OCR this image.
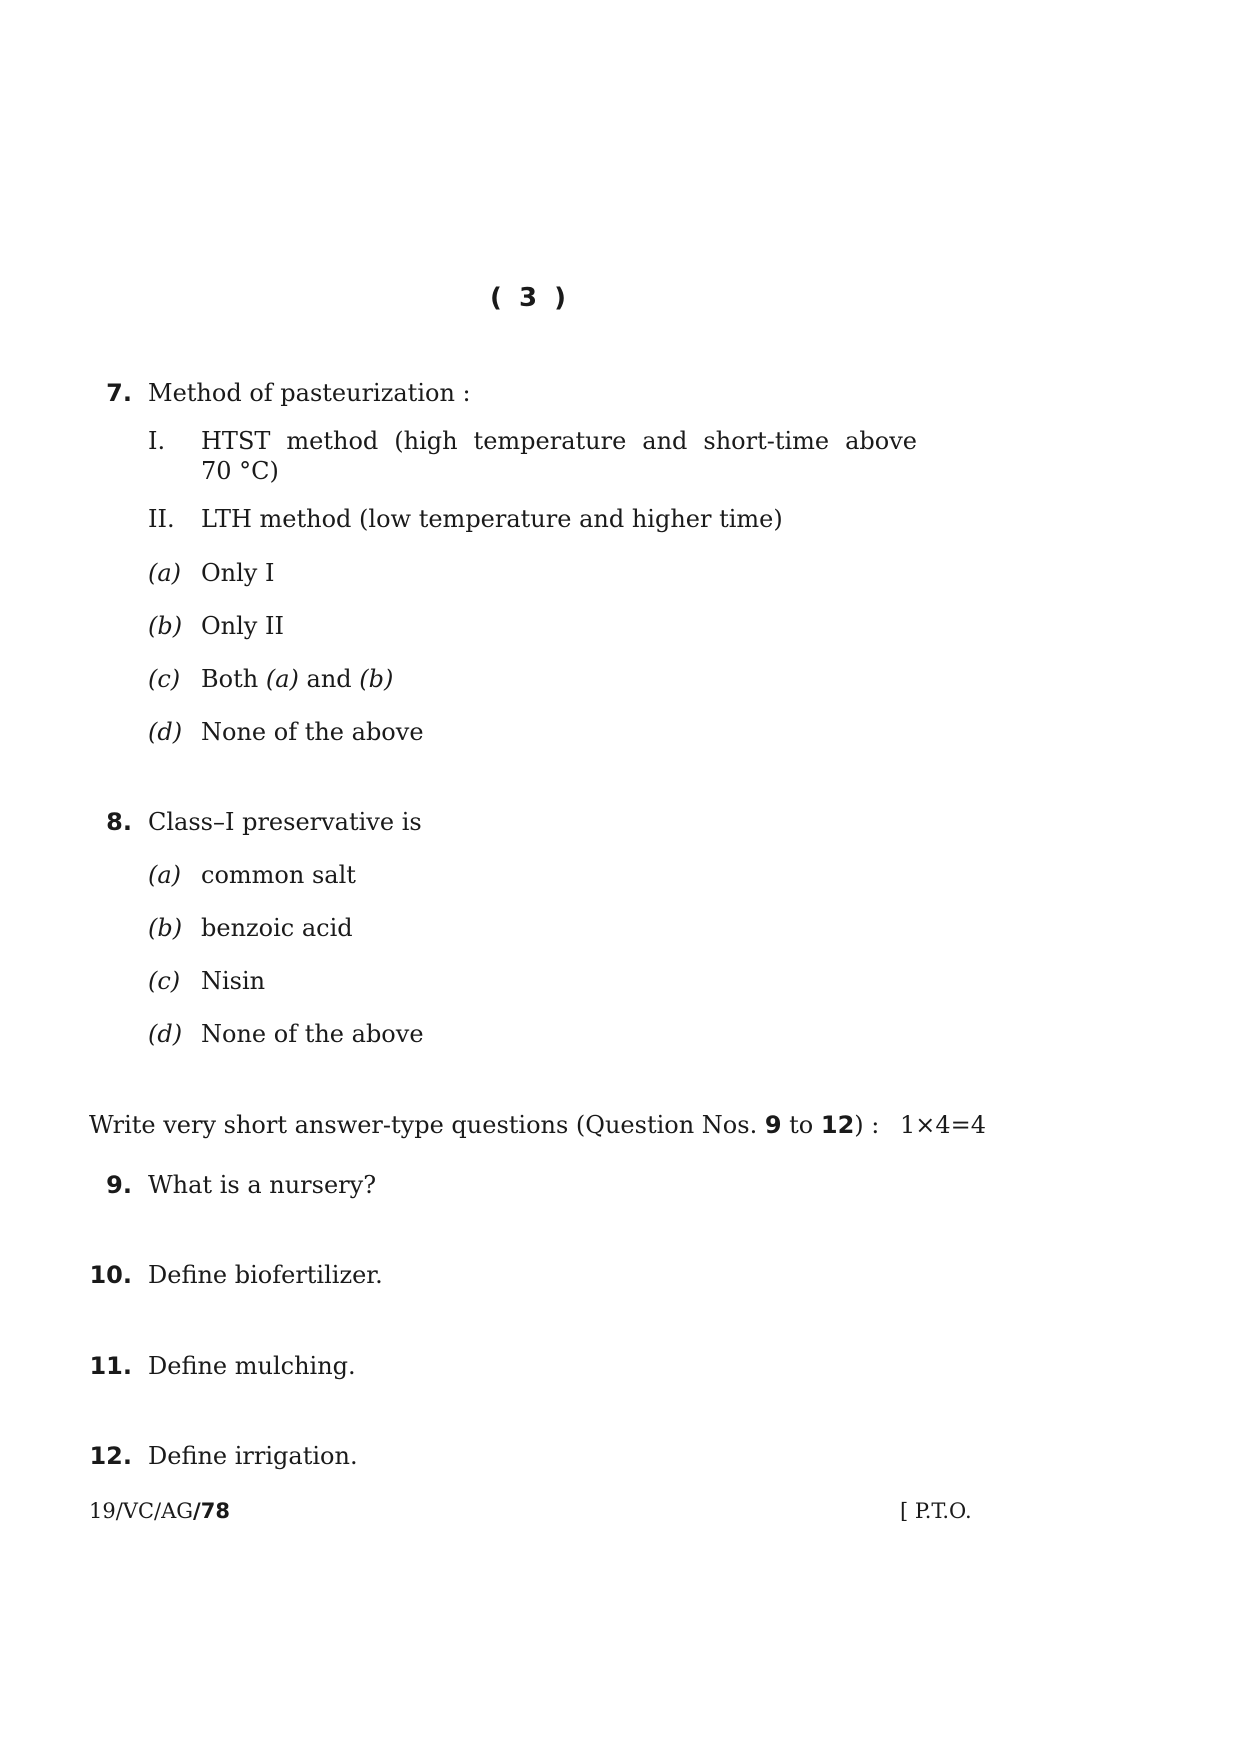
( 3 )
7. Method of pasteurization :
I. HTST method (high temperature and short-time above
70 °C)
II. LTH method (low temperature and higher time)
(a) Only I
(b) Only II
(c) Both (a) and (b)
(d) None of the above
8. Class–I preservative is
(a) common salt
(b) benzoic acid
(c) Nisin
(d) None of the above
Write very short answer-type questions (Question Nos. 9 to 12) : 1×4=4
9. What is a nursery?
10. Define biofertilizer.
11. Define mulching.
12. Define irrigation.
19/VC/AG/78	[ P.T.O.
